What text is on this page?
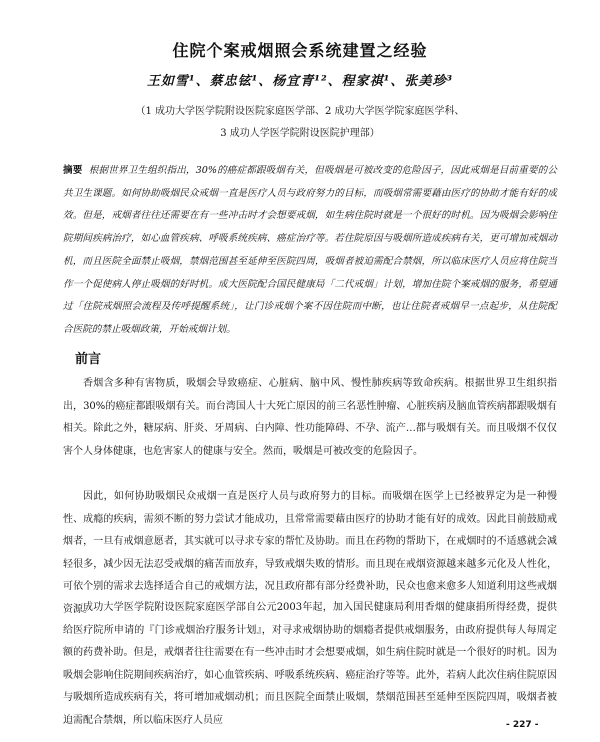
住院个案戒烟照会系统建置之经验
王如雪¹、蔡忠铉¹、杨宜青¹²、程家祺¹、张美珍³
（1 成功大学医学院附设医院家庭医学部、2 成功大学医学院家庭医学科、
3 成功人学医学院附设医院护理部）

摘要 根据世界卫生组织指出，30%的癌症都跟吸烟有关，但吸烟是可被改变的危险因子，因此戒烟是目前重要的公共卫生课题。如何协助吸烟民众戒烟一直是医疗人员与政府努力的目标，而吸烟常需要藉由医疗的协助才能有好的成效。但是，戒烟者往往还需要在有一些冲击时才会想要戒烟，如生病住院时就是一个很好的时机。因为吸烟会影响住院期间疾病治疗，如心血管疾病、呼吸系统疾病、癌症治疗等。若住院原因与吸烟所造成疾病有关，更可增加戒烟动机，而且医院全面禁止吸烟，禁烟范围甚至延伸至医院四周，吸烟者被迫需配合禁烟，所以临床医疗人员应将住院当作一个促使病人停止吸烟的好时机。成大医院配合国民健康局「二代戒烟」计划，增加住院个案戒烟的服务，希望通过「住院戒烟照会流程及传呼提醒系统」，让门诊戒烟个案不因住院而中断，也让住院者戒烟早一点起步，从住院配合医院的禁止吸烟政策，开始戒烟计划。

前言

香烟含多种有害物质，吸烟会导致癌症、心脏病、脑中风、慢性肺疾病等致命疾病。根据世界卫生组织指出，30%的癌症都跟吸烟有关。而台湾国人十大死亡原因的前三名恶性肿瘤、心脏疾病及脑血管疾病都跟吸烟有相关。除此之外，糖尿病、肝炎、牙周病、白内障、性功能障碍、不孕、流产…都与吸烟有关。而且吸烟不仅仅害个人身体健康，也危害家人的健康与安全。然而，吸烟是可被改变的危险因子。

因此，如何协助吸烟民众戒烟一直是医疗人员与政府努力的目标。而吸烟在医学上已经被界定为是一种慢性、成瘾的疾病，需须不断的努力尝试才能成功，且常常需要藉由医疗的协助才能有好的成效。因此目前鼓励戒烟者，一旦有戒烟意愿者，其实就可以寻求专家的帮忙及协助。而且在药物的帮助下，在戒烟时的不适感就会减轻很多，减少因无法忍受戒烟的痛苦而放弃，导致戒烟失败的情形。而且现在戒烟资源越来越多元化及人性化，可依个别的需求去选择适合自己的戒烟方法，况且政府都有部分经费补助，民众也愈来愈多人知道利用这些戒烟资源。

成功大学医学院附设医院家庭医学部自公元2003年起，加入国民健康局利用香烟的健康捐所得经费，提供给医疗院所申请的『门诊戒烟治疗服务计划』，对寻求戒烟协助的烟瘾者提供戒烟服务，由政府提供每人每周定额的药费补助。但是，戒烟者往往需要在有一些冲击时才会想要戒烟，如生病住院时就是一个很好的时机。因为吸烟会影响住院期间疾病治疗，如心血管疾病、呼吸系统疾病、癌症治疗等等。此外，若病人此次住病住院原因与吸烟所造成疾病有关，将可增加戒烟动机；而且医院全面禁止吸烟，禁烟范围甚至延伸至医院四周，吸烟者被迫需配合禁烟，所以临床医疗人员应	- 227 -
